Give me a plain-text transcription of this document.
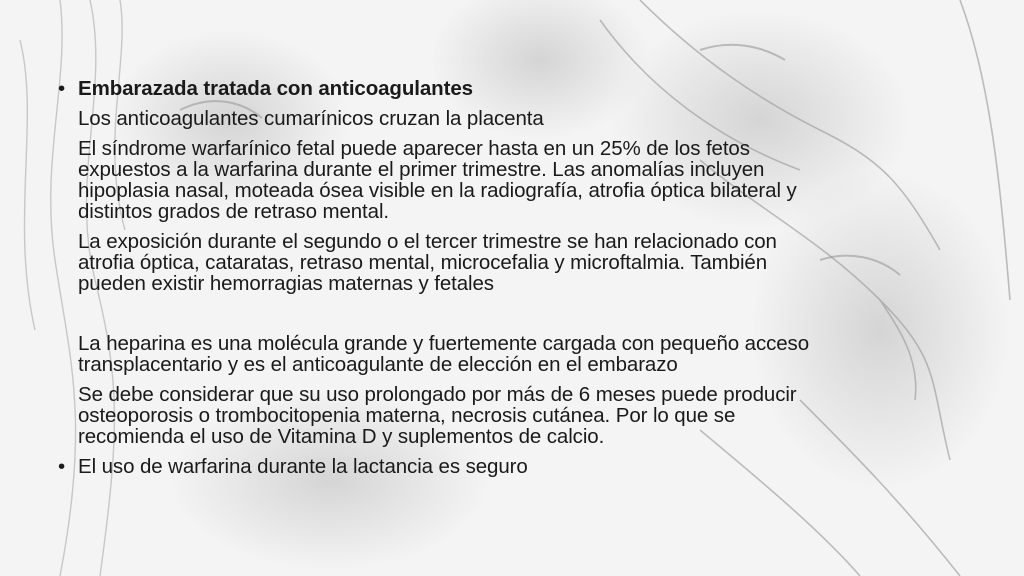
• Embarazada tratada con anticoagulantes
Los anticoagulantes cumarínicos cruzan la placenta
El síndrome warfarínico fetal puede aparecer hasta en un 25% de los fetos
expuestos a la warfarina durante el primer trimestre. Las anomalías incluyen
hipoplasia nasal, moteada ósea visible en la radiografía, atrofia óptica bilateral y
distintos grados de retraso mental.
La exposición durante el segundo o el tercer trimestre se han relacionado con
atrofia óptica, cataratas, retraso mental, microcefalia y microftalmia. También
pueden existir hemorragias maternas y fetales
La heparina es una molécula grande y fuertemente cargada con pequeño acceso
transplacentario y es el anticoagulante de elección en el embarazo
Se debe considerar que su uso prolongado por más de 6 meses puede producir
osteoporosis o trombocitopenia materna, necrosis cutánea. Por lo que se
recomienda el uso de Vitamina D y suplementos de calcio.
• El uso de warfarina durante la lactancia es seguro
